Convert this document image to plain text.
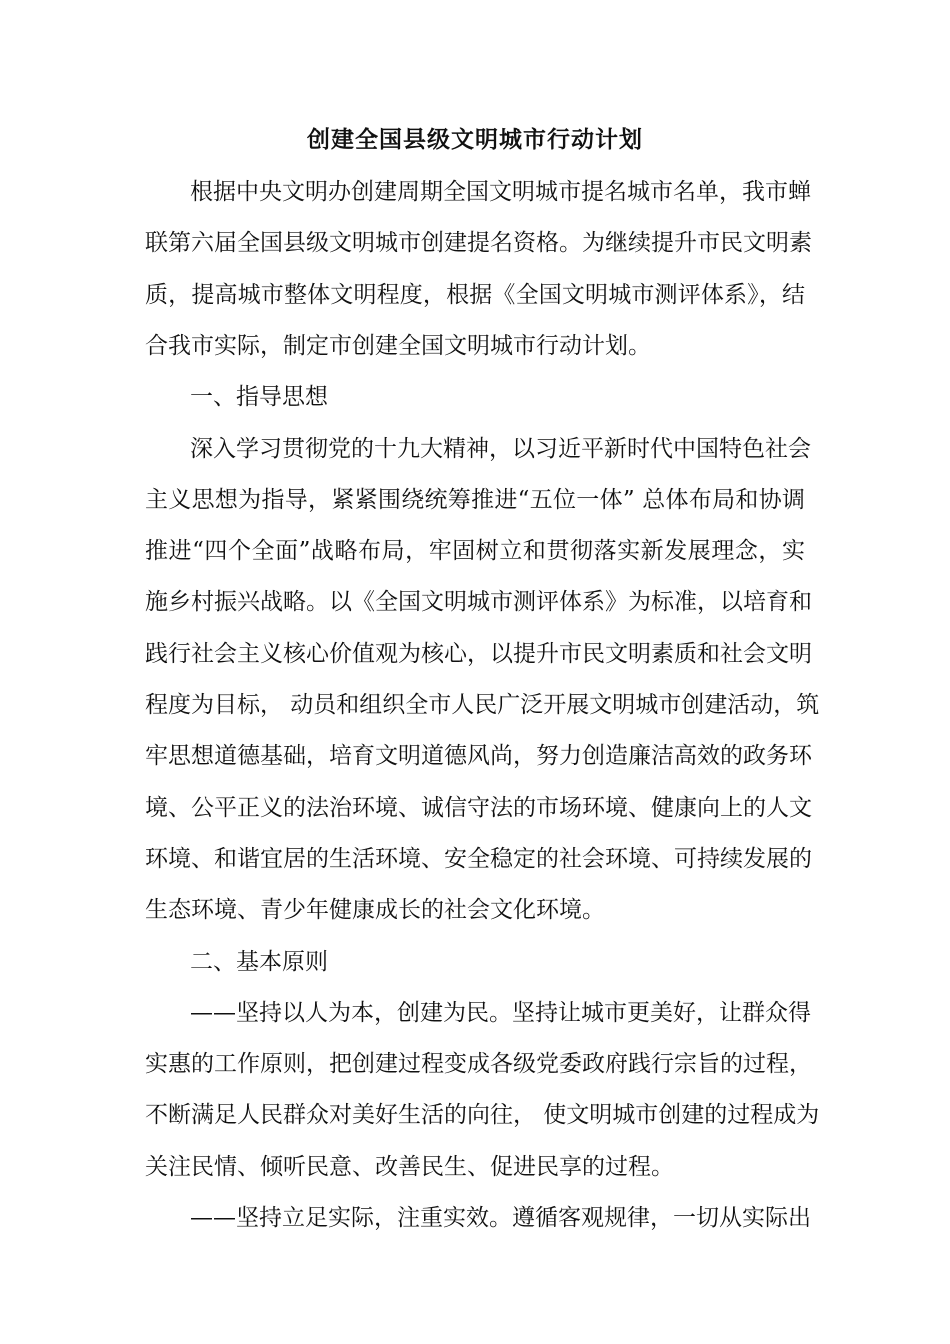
创建全国县级文明城市行动计划
根据中央文明办创建周期全国文明城市提名城市名单，我市蝉
联第六届全国县级文明城市创建提名资格。为继续提升市民文明素
质，提高城市整体文明程度，根据《全国文明城市测评体系》，结
合我市实际，制定市创建全国文明城市行动计划。
一、指导思想
深入学习贯彻党的十九大精神，以习近平新时代中国特色社会
主义思想为指导，紧紧围绕统筹推进“五位一体” 总体布局和协调
推进“四个全面”战略布局，牢固树立和贯彻落实新发展理念，实
施乡村振兴战略。以《全国文明城市测评体系》为标准，以培育和
践行社会主义核心价值观为核心，以提升市民文明素质和社会文明
程度为目标， 动员和组织全市人民广泛开展文明城市创建活动，筑
牢思想道德基础，培育文明道德风尚，努力创造廉洁高效的政务环
境、公平正义的法治环境、诚信守法的市场环境、健康向上的人文
环境、和谐宜居的生活环境、安全稳定的社会环境、可持续发展的
生态环境、青少年健康成长的社会文化环境。
二、基本原则
——坚持以人为本，创建为民。坚持让城市更美好，让群众得
实惠的工作原则，把创建过程变成各级党委政府践行宗旨的过程，
不断满足人民群众对美好生活的向往， 使文明城市创建的过程成为
关注民情、倾听民意、改善民生、促进民享的过程。
——坚持立足实际，注重实效。遵循客观规律，一切从实际出
